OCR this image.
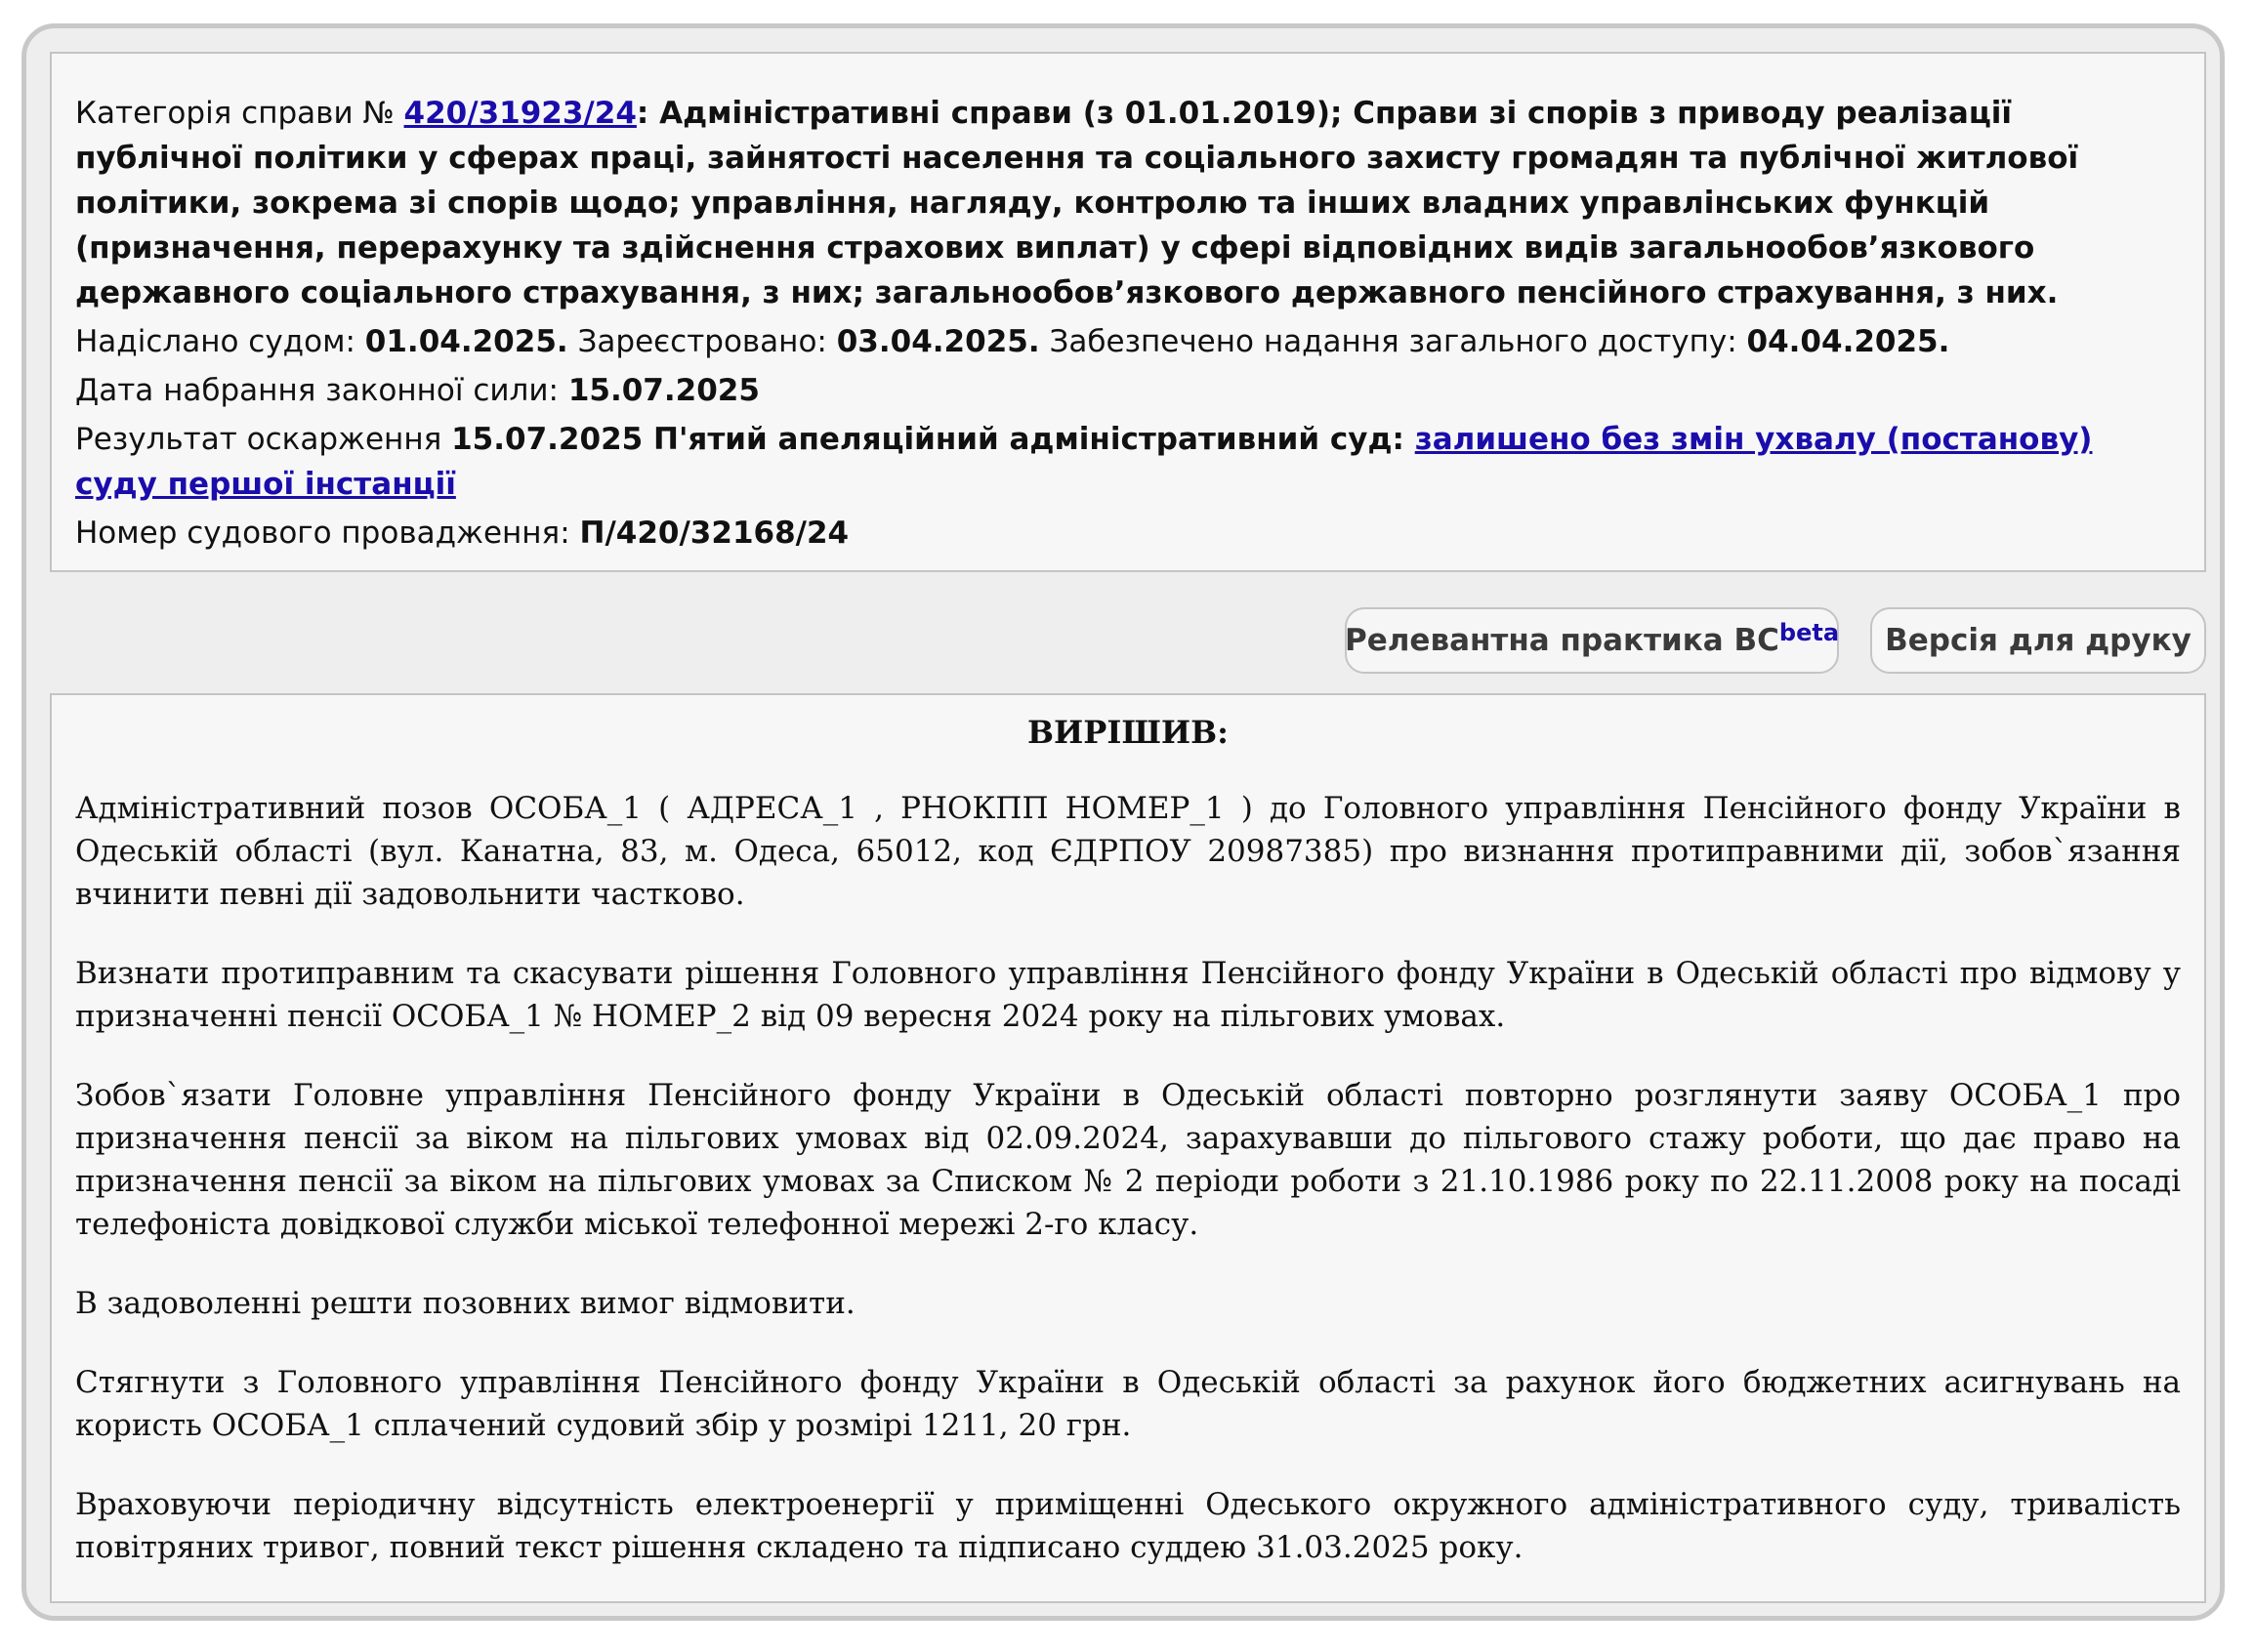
Категорія справи № 420/31923/24: Адміністративні справи (з 01.01.2019); Справи зі спорів з приводу реалізації публічної політики у сферах праці, зайнятості населення та соціального захисту громадян та публічної житлової політики, зокрема зі спорів щодо; управління, нагляду, контролю та інших владних управлінських функцій (призначення, перерахунку та здійснення страхових виплат) у сфері відповідних видів загальнообов’язкового державного соціального страхування, з них; загальнообов’язкового державного пенсійного страхування, з них.
Надіслано судом: 01.04.2025. Зареєстровано: 03.04.2025. Забезпечено надання загального доступу: 04.04.2025.
Дата набрання законної сили: 15.07.2025
Результат оскарження 15.07.2025 П'ятий апеляційний адміністративний суд: залишено без змін ухвалу (постанову) суду першої інстанції
Номер судового провадження: П/420/32168/24
Релевантна практика $ВС^{beta}$	Версія для друку
ВИРІШИВ:

Адміністративний позов ОСОБА_1 ( АДРЕСА_1 , РНОКПП НОМЕР_1 ) до Головного управління Пенсійного фонду України в Одеській області (вул. Канатна, 83, м. Одеса, 65012, код ЄДРПОУ 20987385) про визнання протиправними дії, зобов`язання вчинити певні дії задовольнити частково.

Визнати протиправним та скасувати рішення Головного управління Пенсійного фонду України в Одеській області про відмову у призначенні пенсії ОСОБА_1 № НОМЕР_2 від 09 вересня 2024 року на пільгових умовах.

Зобов`язати Головне управління Пенсійного фонду України в Одеській області повторно розглянути заяву ОСОБА_1 про призначення пенсії за віком на пільгових умовах від 02.09.2024, зарахувавши до пільгового стажу роботи, що дає право на призначення пенсії за віком на пільгових умовах за Списком № 2 періоди роботи з 21.10.1986 року по 22.11.2008 року на посаді телефоніста довідкової служби міської телефонної мережі 2-го класу.

В задоволенні решти позовних вимог відмовити.

Стягнути з Головного управління Пенсійного фонду України в Одеській області за рахунок його бюджетних асигнувань на користь ОСОБА_1 сплачений судовий збір у розмірі 1211, 20 грн.

Враховуючи періодичну відсутність електроенергії у приміщенні Одеського окружного адміністративного суду, тривалість повітряних тривог, повний текст рішення складено та підписано суддею 31.03.2025 року.
